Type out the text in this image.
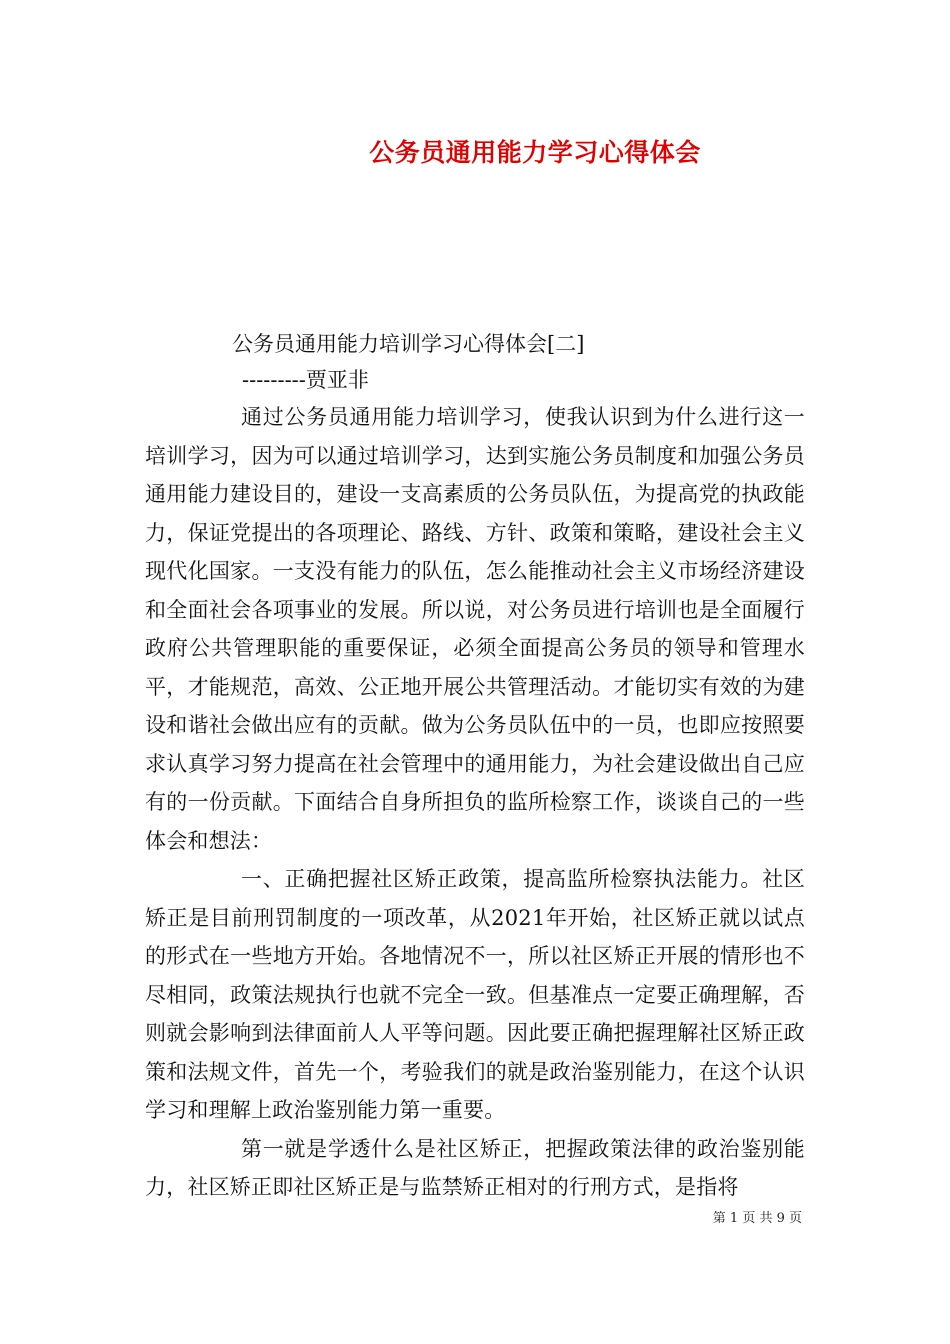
公务员通用能力学习心得体会
公务员通用能力培训学习心得体会[二]
---------贾亚非

通过公务员通用能力培训学习，使我认识到为什么进行这一培训学习，因为可以通过培训学习，达到实施公务员制度和加强公务员通用能力建设目的，建设一支高素质的公务员队伍，为提高党的执政能力，保证党提出的各项理论、路线、方针、政策和策略，建设社会主义现代化国家。一支没有能力的队伍，怎么能推动社会主义市场经济建设和全面社会各项事业的发展。所以说，对公务员进行培训也是全面履行政府公共管理职能的重要保证，必须全面提高公务员的领导和管理水平，才能规范，高效、公正地开展公共管理活动。才能切实有效的为建设和谐社会做出应有的贡献。做为公务员队伍中的一员，也即应按照要求认真学习努力提高在社会管理中的通用能力，为社会建设做出自己应有的一份贡献。下面结合自身所担负的监所检察工作，谈谈自己的一些体会和想法：

一、正确把握社区矫正政策，提高监所检察执法能力。社区矫正是目前刑罚制度的一项改革，从2021年开始，社区矫正就以试点的形式在一些地方开始。各地情况不一，所以社区矫正开展的情形也不尽相同，政策法规执行也就不完全一致。但基准点一定要正确理解，否则就会影响到法律面前人人平等问题。因此要正确把握理解社区矫正政策和法规文件，首先一个，考验我们的就是政治鉴别能力，在这个认识学习和理解上政治鉴别能力第一重要。

第一就是学透什么是社区矫正，把握政策法律的政治鉴别能力，社区矫正即社区矫正是与监禁矫正相对的行刑方式，是指将

第 1 页 共 9 页
